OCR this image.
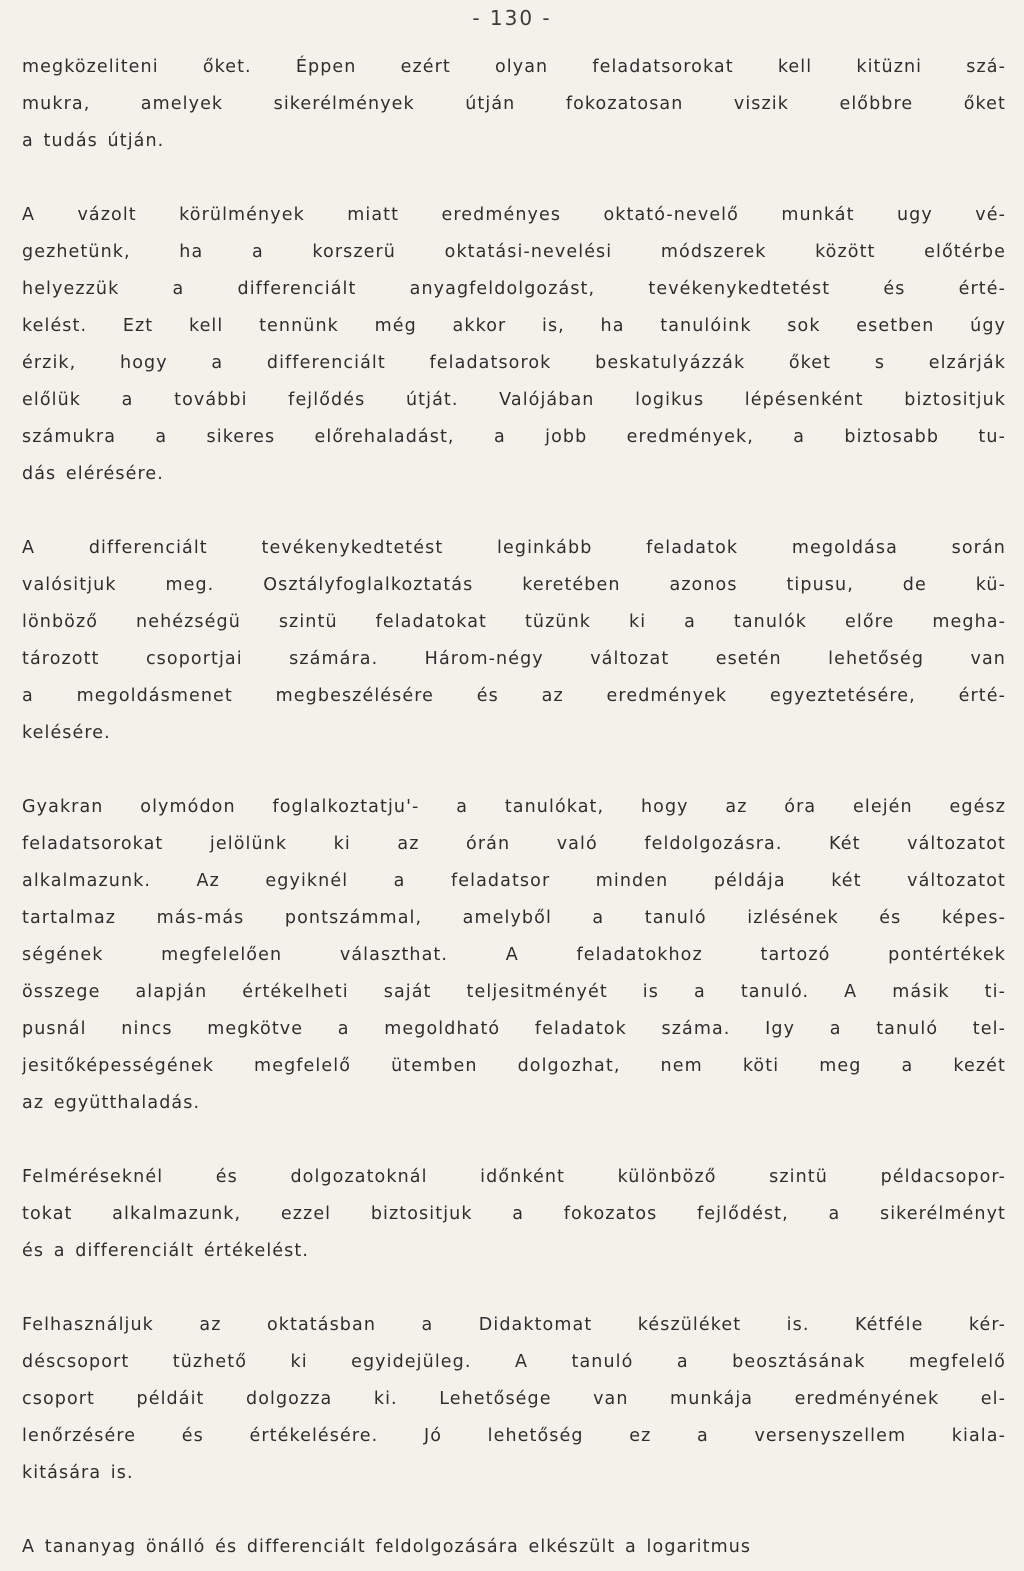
- 130 -
megközeliteni őket. Éppen ezért olyan feladatsorokat kell kitüzni szá-
mukra, amelyek sikerélmények útján fokozatosan viszik előbbre őket
a tudás útján.
A vázolt körülmények miatt eredményes oktató-nevelő munkát ugy vé-
gezhetünk, ha a korszerü oktatási-nevelési módszerek között előtérbe
helyezzük a differenciált anyagfeldolgozást, tevékenykedtetést és érté-
kelést. Ezt kell tennünk még akkor is, ha tanulóink sok esetben úgy
érzik, hogy a differenciált feladatsorok beskatulyázzák őket s elzárják
előlük a további fejlődés útját. Valójában logikus lépésenként biztositjuk
számukra a sikeres előrehaladást, a jobb eredmények, a biztosabb tu-
dás elérésére.
A differenciált tevékenykedtetést leginkább feladatok megoldása során
valósitjuk meg. Osztályfoglalkoztatás keretében azonos tipusu, de kü-
lönböző nehézségü szintü feladatokat tüzünk ki a tanulók előre megha-
tározott csoportjai számára. Három-négy változat esetén lehetőség van
a megoldásmenet megbeszélésére és az eredmények egyeztetésére, érté-
kelésére.
Gyakran olymódon foglalkoztatju'- a tanulókat, hogy az óra elején egész
feladatsorokat jelölünk ki az órán való feldolgozásra. Két változatot
alkalmazunk. Az egyiknél a feladatsor minden példája két változatot
tartalmaz más-más pontszámmal, amelyből a tanuló izlésének és képes-
ségének megfelelően választhat. A feladatokhoz tartozó pontértékek
összege alapján értékelheti saját teljesitményét is a tanuló. A másik ti-
pusnál nincs megkötve a megoldható feladatok száma. Igy a tanuló tel-
jesitőképességének megfelelő ütemben dolgozhat, nem köti meg a kezét
az együtthaladás.
Felméréseknél és dolgozatoknál időnként különböző szintü példacsopor-
tokat alkalmazunk, ezzel biztositjuk a fokozatos fejlődést, a sikerélményt
és a differenciált értékelést.
Felhasználjuk az oktatásban a Didaktomat készüléket is. Kétféle kér-
déscsoport tüzhető ki egyidejüleg. A tanuló a beosztásának megfelelő
csoport példáit dolgozza ki. Lehetősége van munkája eredményének el-
lenőrzésére és értékelésére. Jó lehetőség ez a versenyszellem kiala-
kitására is.
A tananyag önálló és differenciált feldolgozására elkészült a logaritmus
